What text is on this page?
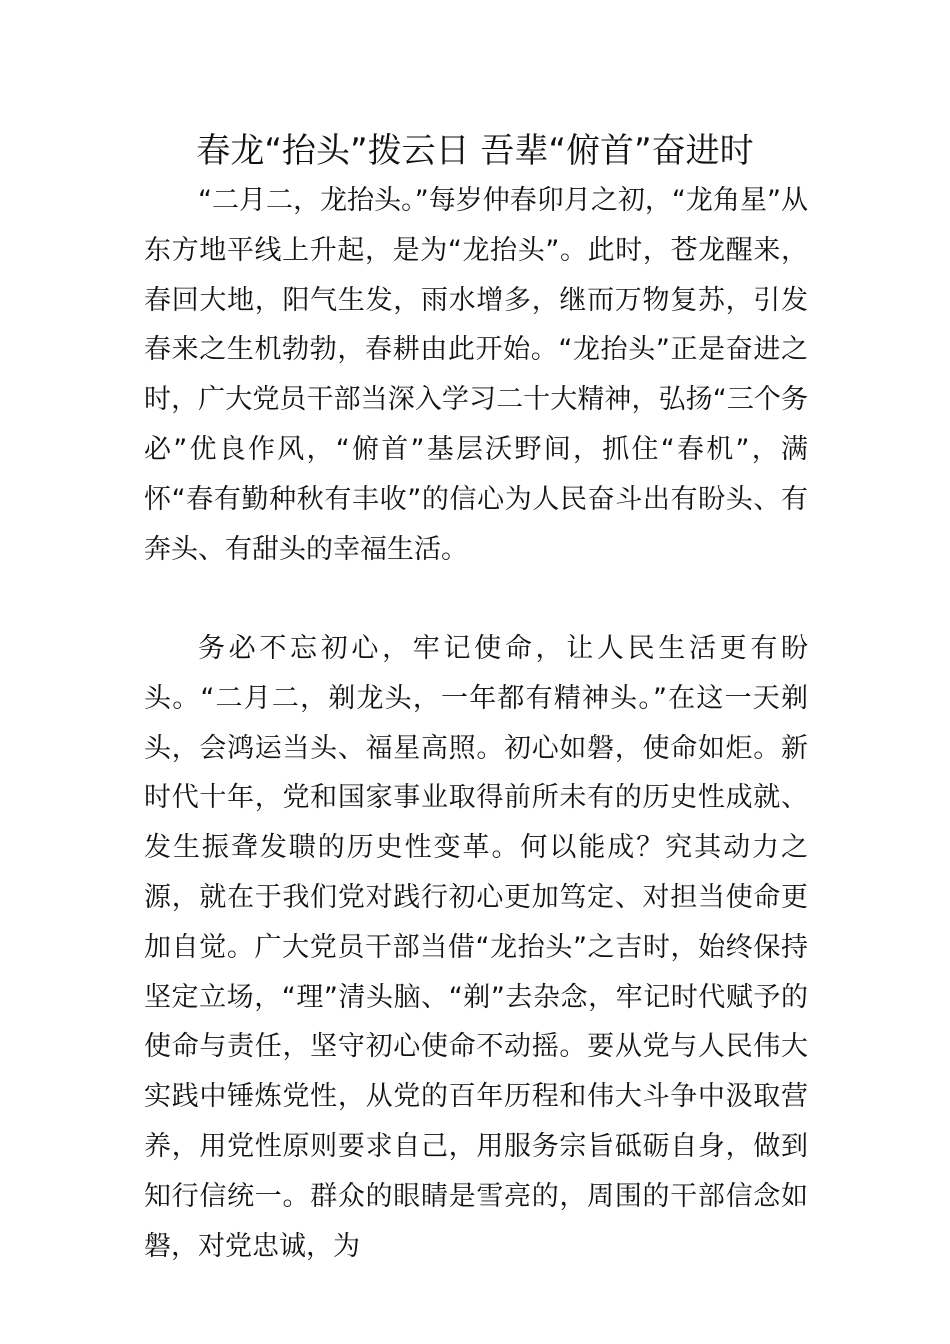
春龙“抬头”拨云日 吾辈“俯首”奋进时

“二月二，龙抬头。”每岁仲春卯月之初，“龙角星”从东方地平线上升起，是为“龙抬头”。此时，苍龙醒来，春回大地，阳气生发，雨水增多，继而万物复苏，引发春来之生机勃勃，春耕由此开始。“龙抬头”正是奋进之时，广大党员干部当深入学习二十大精神，弘扬“三个务必”优良作风，“俯首”基层沃野间，抓住“春机”，满怀“春有勤种秋有丰收”的信心为人民奋斗出有盼头、有奔头、有甜头的幸福生活。

务必不忘初心，牢记使命，让人民生活更有盼头。“二月二，剃龙头，一年都有精神头。”在这一天剃头，会鸿运当头、福星高照。初心如磐，使命如炬。新时代十年，党和国家事业取得前所未有的历史性成就、发生振聋发聩的历史性变革。何以能成？究其动力之源，就在于我们党对践行初心更加笃定、对担当使命更加自觉。广大党员干部当借“龙抬头”之吉时，始终保持坚定立场，“理”清头脑、“剃”去杂念，牢记时代赋予的使命与责任，坚守初心使命不动摇。要从党与人民伟大实践中锤炼党性，从党的百年历程和伟大斗争中汲取营养，用党性原则要求自己，用服务宗旨砥砺自身，做到知行信统一。群众的眼睛是雪亮的，周围的干部信念如磐，对党忠诚，为
